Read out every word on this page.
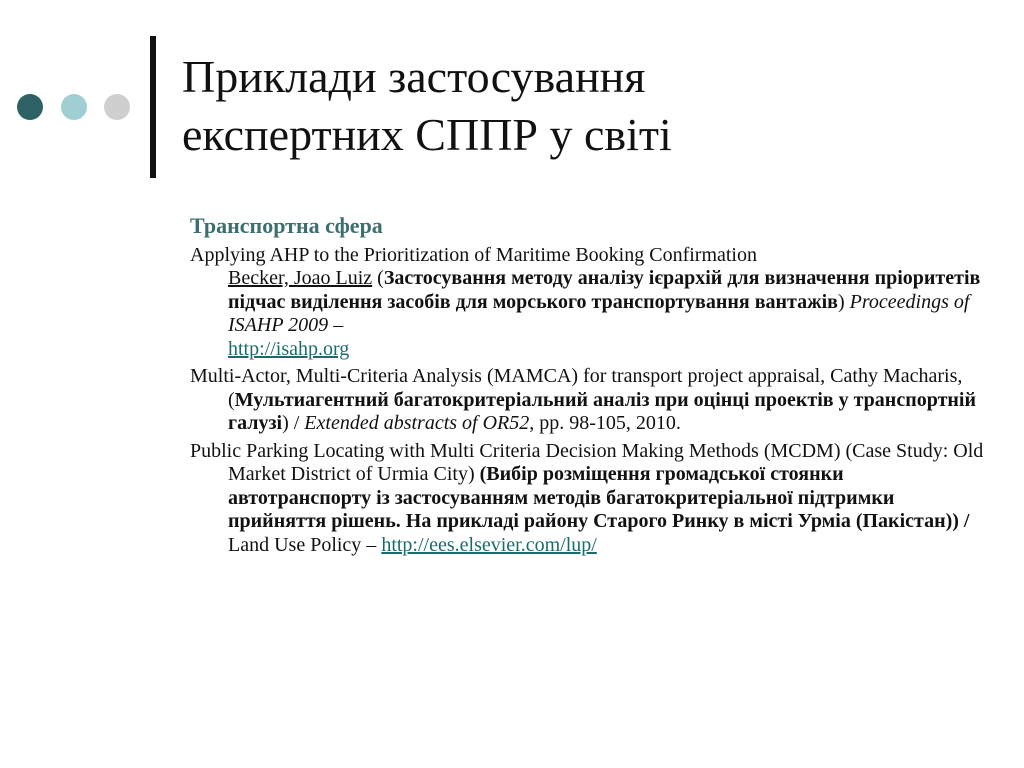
Приклади застосування
експертних СППР у світі
Транспортна сфера
Applying AHP to the Prioritization of Maritime Booking Confirmation
Becker, Joao Luiz (Застосування методу аналізу ієрархій для визначення пріоритетів підчас виділення засобів для морського транспортування вантажів) Proceedings of ISAHP 2009 –
http://isahp.org
Multi-Actor, Multi-Criteria Analysis (MAMCA) for transport project appraisal, Cathy Macharis, (Мультиагентний багатокритеріальний аналіз при оцінці проектів у транспортній галузі) / Extended abstracts of OR52, pp. 98-105, 2010.
Public Parking Locating with Multi Criteria Decision Making Methods (MCDM) (Case Study: Old Market District of Urmia City) (Вибір розміщення громадської стоянки автотранспорту із застосуванням методів багатокритеріальної підтримки прийняття рішень. На прикладі району Старого Ринку в місті Урміа (Пакістан)) / Land Use Policy – http://ees.elsevier.com/lup/
